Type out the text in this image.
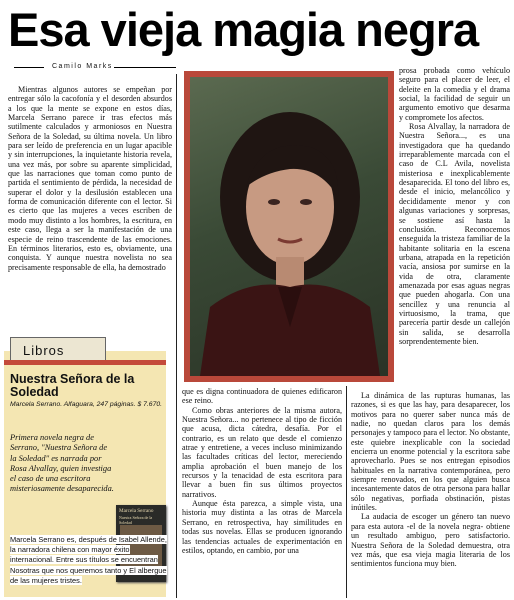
Esa vieja magia negra
Camilo Marks

Mientras algunos autores se empeñan por entregar sólo la cacofonía y el desorden absurdos a los que la mente se expone en estos días, Marcela Serrano parece ir tras efectos más sutilmente calculados y armoniosos en Nuestra Señora de la Soledad, su última novela. Un libro para ser leído de preferencia en un lugar apacible y sin interrupciones, la inquietante historia revela, una vez más, por sobre su aparente simplicidad, que las narraciones que toman como punto de partida el sentimiento de pérdida, la necesidad de superar el dolor y la desilusión establecen una forma de comunicación diferente con el lector. Si es cierto que las mujeres a veces escriben de modo muy distinto a los hombres, la escritura, en este caso, llega a ser la manifestación de una especie de reino trascendente de las emociones. En términos literarios, esto es, obviamente, una conquista. Y aunque nuestra novelista no sea precisamente responsable de ella, ha demostrado

Libros
Nuestra Señora de la Soledad
Marcela Serrano. Alfaguara, 247 páginas. $ 7.670.
Primera novela negra de Serrano, "Nuestra Señora de la Soledad" es narrada por Rosa Alvallay, quien investiga el caso de una escritora misteriosamente desaparecida.
Marcela Serrano
Nuestra Señora de la Soledad
Marcela Serrano es, después de Isabel Allende, la narradora chilena con mayor éxito internacional. Entre sus títulos se encuentran Nosotras que nos queremos tanto y El albergue de las mujeres tristes.

que es digna continuadora de quienes edificaron ese reino.

Como obras anteriores de la misma autora, Nuestra Señora... no pertenece al tipo de ficción que acusa, dicta cátedra, desafía. Por el contrario, es un relato que desde el comienzo atrae y entretiene, a veces incluso minimizando las facultades críticas del lector, mereciendo amplia aprobación el buen manejo de los recursos y la tenacidad de esta escritora para llevar a buen fin sus últimos proyectos narrativos.

Aunque ésta parezca, a simple vista, una historia muy distinta a las otras de Marcela Serrano, en retrospectiva, hay similitudes en todas sus novelas. Ellas se producen ignorando las tendencias actuales de experimentación en estilos, optando, en cambio, por una

prosa probada como vehículo seguro para el placer de leer, el deleite en la comedia y el drama social, la facilidad de seguir un argumento emotivo que desarma y compromete los afectos.

Rosa Alvallay, la narradora de Nuestra Señora..., es una investigadora que ha quedando irreparablemente marcada con el caso de C.L Avila, novelista misteriosa e inexplicablemente desaparecida. El tono del libro es, desde el inicio, melancólico y decididamente menor y con algunas variaciones y sorpresas, se sostiene así hasta la conclusión. Reconocemos enseguida la tristeza familiar de la habitante solitaria en la escena urbana, atrapada en la repetición vacía, ansiosa por sumirse en la vida de otra, claramente amenazada por esas aguas negras que pueden ahogarla. Con una sencillez y una renuncia al virtuosismo, la trama, que parecería partir desde un callejón sin salida, se desarrolla sorprendentemente bien.

La dinámica de las rupturas humanas, las razones, si es que las hay, para desaparecer, los motivos para no querer saber nunca más de nadie, no quedan claros para los demás personajes y tampoco para el lector. No obstante, este quiebre inexplicable con la sociedad encierra un enorme potencial y la escritora sabe aprovecharlo. Pues se nos entregan episodios habituales en la narrativa contemporánea, pero siempre renovados, en los que alguien busca incesantemente datos de otra persona para hallar sólo negativas, porfiada obstinación, pistas inútiles.

La audacia de escoger un género tan nuevo para esta autora -el de la novela negra- obtiene un resultado ambiguo, pero satisfactorio. Nuestra Señora de la Soledad demuestra, otra vez más, que esa vieja magia literaria de los sentimientos funciona muy bien.
